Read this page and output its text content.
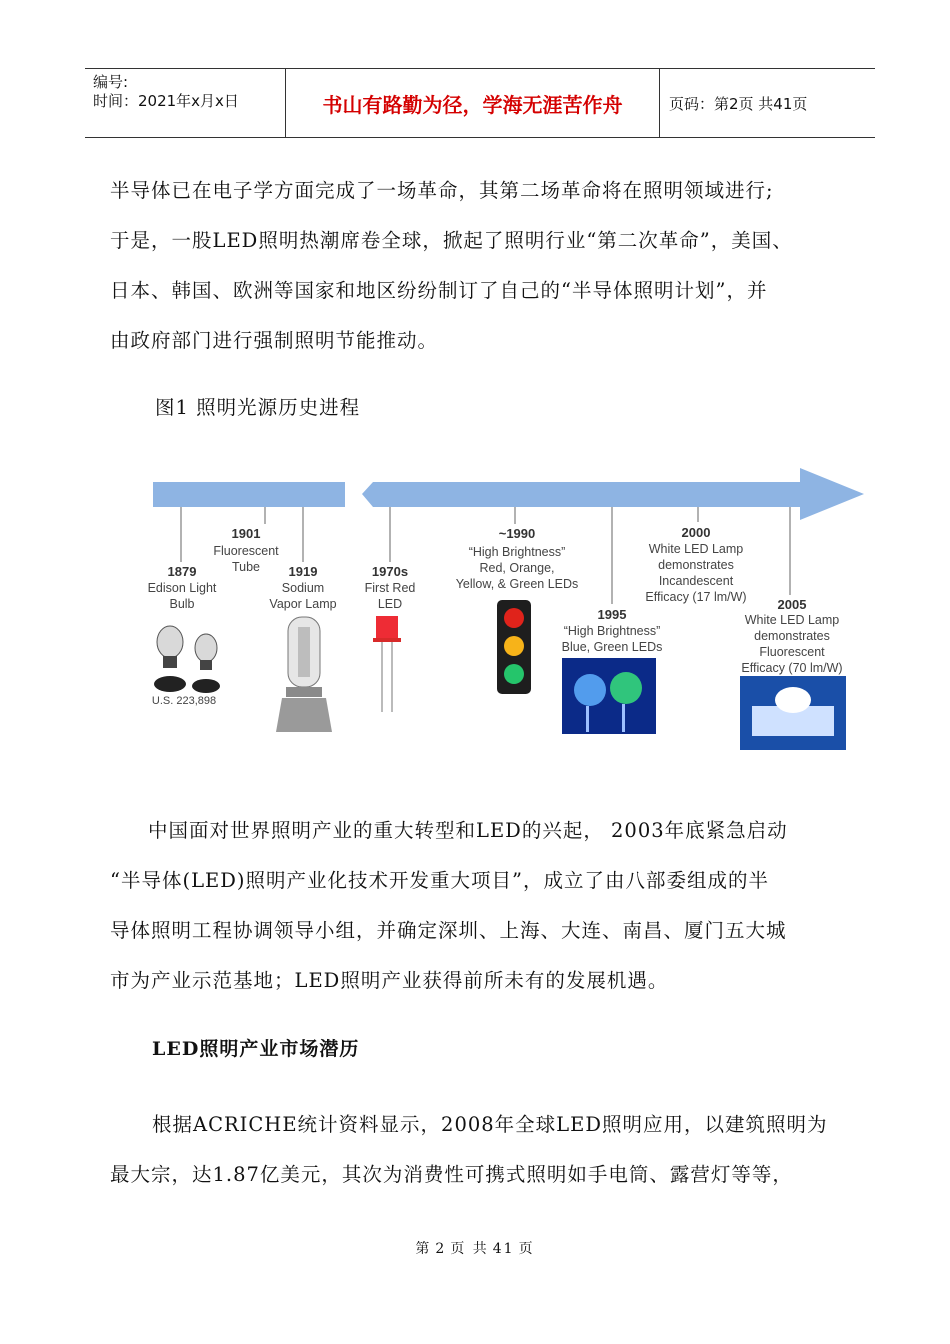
编号:
时间：2021年x月x日	书山有路勤为径，学海无涯苦作舟	页码：第2页 共41页
半导体已在电子学方面完成了一场革命，其第二场革命将在照明领域进行;
于是，一股LED照明热潮席卷全球，掀起了照明行业“第二次革命”，美国、
日本、韩国、欧洲等国家和地区纷纷制订了自己的“半导体照明计划”，并
由政府部门进行强制照明节能推动。
图1 照明光源历史进程
1879
Edison Light
Bulb
U.S. 223,898
1901
Fluorescent
Tube 1919
Sodium
Vapor Lamp
1970s
First Red
LED
~1990
“High Brightness”
Red, Orange,
Yellow, & Green LEDs
1995
“High Brightness”
Blue, Green LEDs
2000
White LED Lamp
demonstrates
Incandescent
Efficacy (17 lm/W) 2005
White LED Lamp
demonstrates
Fluorescent
Efficacy (70 lm/W)
中国面对世界照明产业的重大转型和LED的兴起， 2003年底紧急启动
“半导体(LED)照明产业化技术开发重大项目”，成立了由八部委组成的半
导体照明工程协调领导小组，并确定深圳、上海、大连、南昌、厦门五大城
市为产业示范基地；LED照明产业获得前所未有的发展机遇。
LED照明产业市场潜历
根据ACRICHE统计资料显示，2008年全球LED照明应用，以建筑照明为
最大宗，达1.87亿美元，其次为消费性可携式照明如手电筒、露营灯等等，
第 2 页 共 41 页
